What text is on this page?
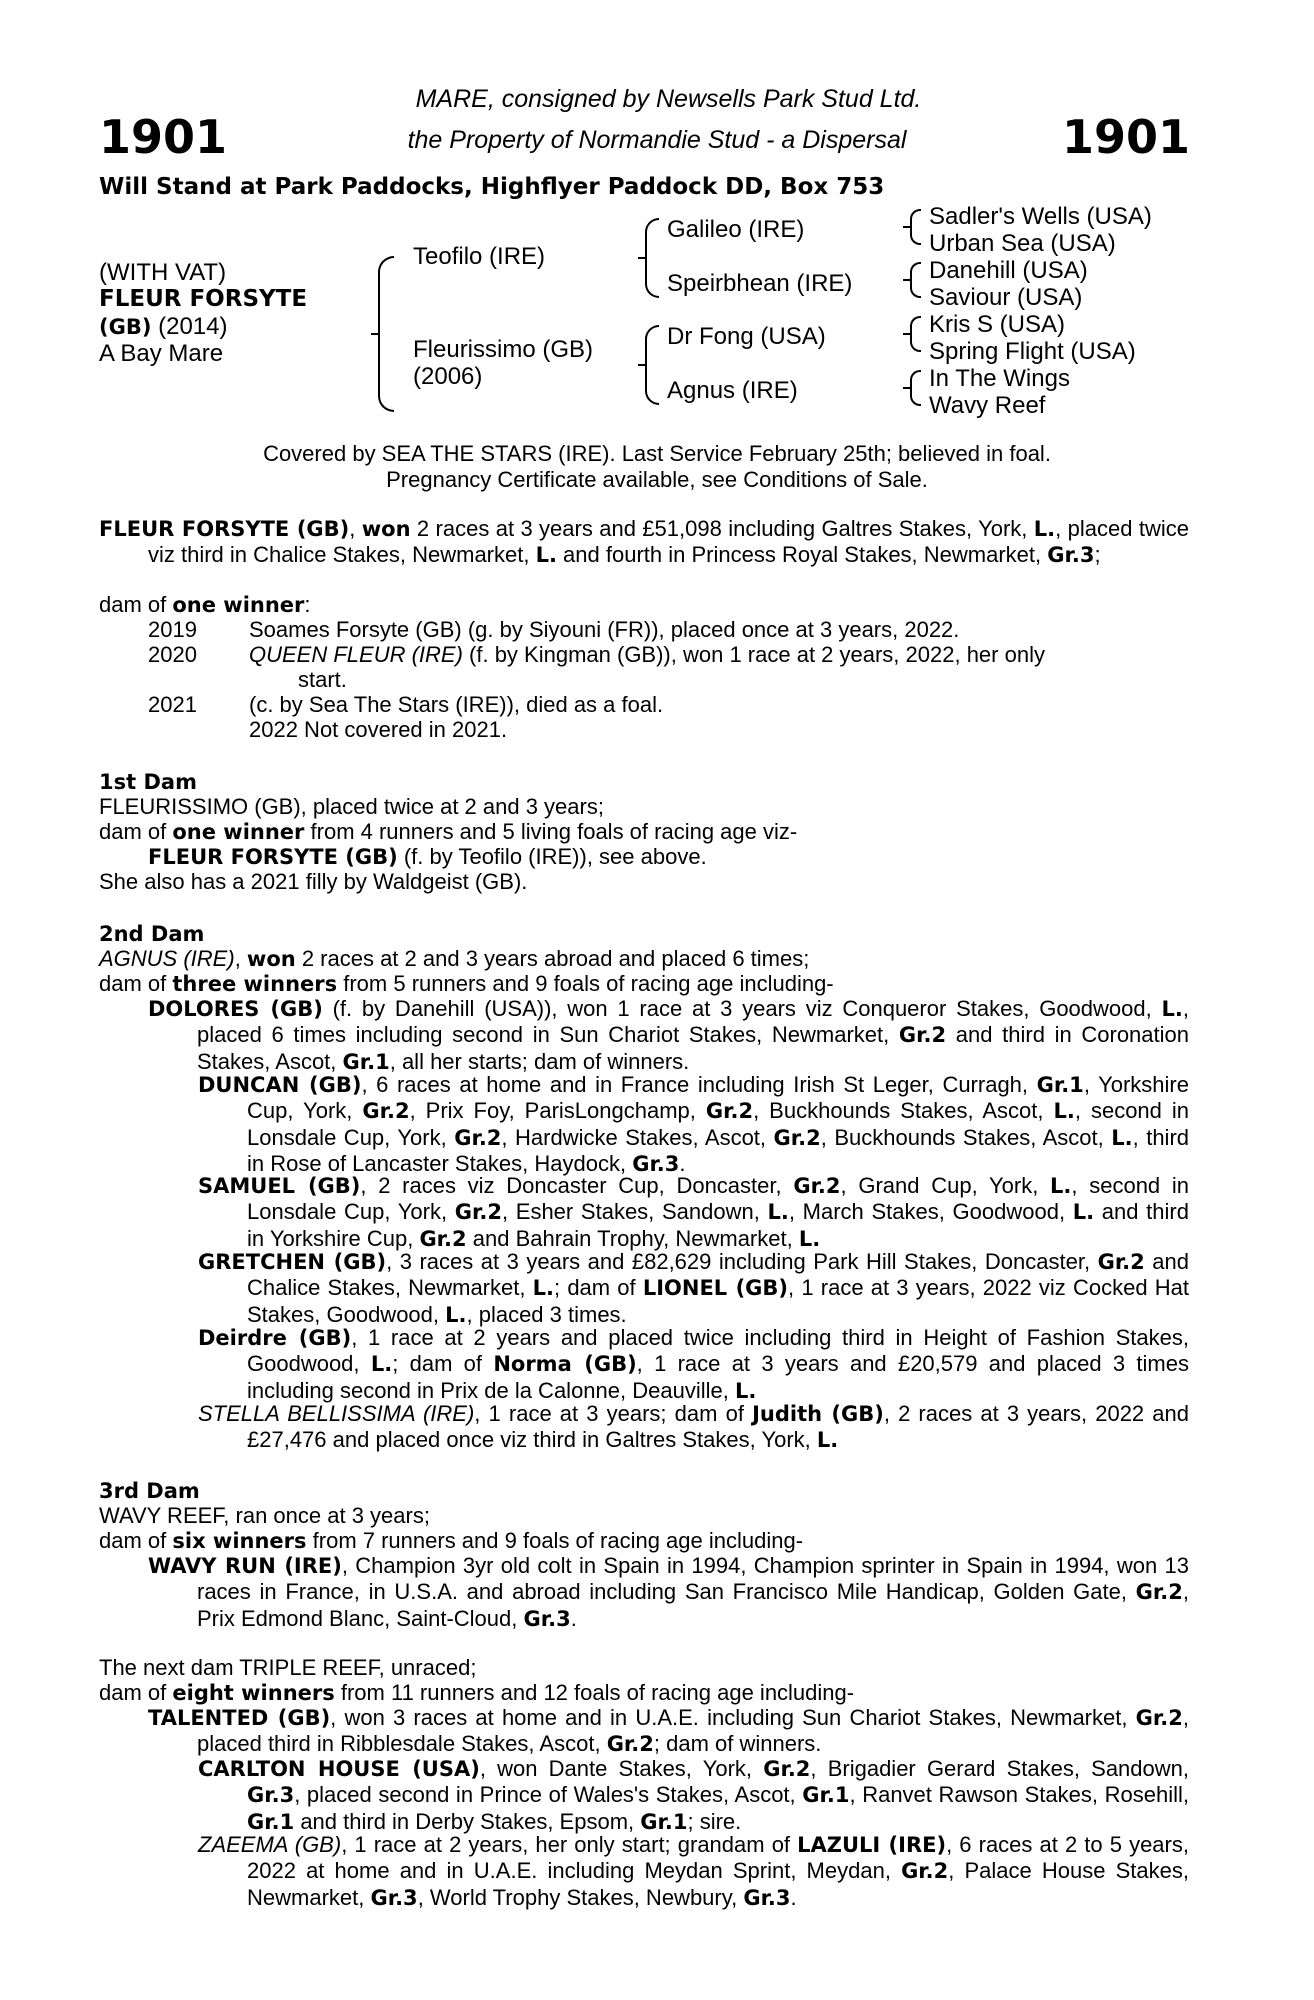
1901	1901
MARE, consigned by Newsells Park Stud Ltd.
the Property of Normandie Stud - a Dispersal
Will Stand at Park Paddocks, Highflyer Paddock DD, Box 753
(WITH VAT)
FLEUR FORSYTE
(GB) (2014)
A Bay Mare
Teofilo (IRE)
Fleurissimo (GB)
(2006)
Galileo (IRE)
Speirbhean (IRE)
Dr Fong (USA)
Agnus (IRE)
Sadler's Wells (USA)
Urban Sea (USA)
Danehill (USA)
Saviour (USA)
Kris S (USA)
Spring Flight (USA)
In The Wings
Wavy Reef
Covered by SEA THE STARS (IRE). Last Service February 25th; believed in foal.
Pregnancy Certificate available, see Conditions of Sale.
FLEUR FORSYTE (GB), won 2 races at 3 years and £51,098 including Galtres Stakes, York, L., placed twice viz third in Chalice Stakes, Newmarket, L. and fourth in Princess Royal Stakes, Newmarket, Gr.3;
dam of one winner:
2019 Soames Forsyte (GB) (g. by Siyouni (FR)), placed once at 3 years, 2022.
2020 QUEEN FLEUR (IRE) (f. by Kingman (GB)), won 1 race at 2 years, 2022, her only
start.
2021 (c. by Sea The Stars (IRE)), died as a foal.
2022 Not covered in 2021.
1st Dam
FLEURISSIMO (GB), placed twice at 2 and 3 years;
dam of one winner from 4 runners and 5 living foals of racing age viz-
FLEUR FORSYTE (GB) (f. by Teofilo (IRE)), see above.
She also has a 2021 filly by Waldgeist (GB).
2nd Dam
AGNUS (IRE), won 2 races at 2 and 3 years abroad and placed 6 times;
dam of three winners from 5 runners and 9 foals of racing age including-
DOLORES (GB) (f. by Danehill (USA)), won 1 race at 3 years viz Conqueror Stakes, Goodwood, L., placed 6 times including second in Sun Chariot Stakes, Newmarket, Gr.2 and third in Coronation Stakes, Ascot, Gr.1, all her starts; dam of winners.
DUNCAN (GB), 6 races at home and in France including Irish St Leger, Curragh, Gr.1, Yorkshire Cup, York, Gr.2, Prix Foy, ParisLongchamp, Gr.2, Buckhounds Stakes, Ascot, L., second in Lonsdale Cup, York, Gr.2, Hardwicke Stakes, Ascot, Gr.2, Buckhounds Stakes, Ascot, L., third in Rose of Lancaster Stakes, Haydock, Gr.3.
SAMUEL (GB), 2 races viz Doncaster Cup, Doncaster, Gr.2, Grand Cup, York, L., second in Lonsdale Cup, York, Gr.2, Esher Stakes, Sandown, L., March Stakes, Goodwood, L. and third in Yorkshire Cup, Gr.2 and Bahrain Trophy, Newmarket, L.
GRETCHEN (GB), 3 races at 3 years and £82,629 including Park Hill Stakes, Doncaster, Gr.2 and Chalice Stakes, Newmarket, L.; dam of LIONEL (GB), 1 race at 3 years, 2022 viz Cocked Hat Stakes, Goodwood, L., placed 3 times.
Deirdre (GB), 1 race at 2 years and placed twice including third in Height of Fashion Stakes, Goodwood, L.; dam of Norma (GB), 1 race at 3 years and £20,579 and placed 3 times including second in Prix de la Calonne, Deauville, L.
STELLA BELLISSIMA (IRE), 1 race at 3 years; dam of Judith (GB), 2 races at 3 years, 2022 and £27,476 and placed once viz third in Galtres Stakes, York, L.
3rd Dam
WAVY REEF, ran once at 3 years;
dam of six winners from 7 runners and 9 foals of racing age including-
WAVY RUN (IRE), Champion 3yr old colt in Spain in 1994, Champion sprinter in Spain in 1994, won 13 races in France, in U.S.A. and abroad including San Francisco Mile Handicap, Golden Gate, Gr.2, Prix Edmond Blanc, Saint-Cloud, Gr.3.
The next dam TRIPLE REEF, unraced;
dam of eight winners from 11 runners and 12 foals of racing age including-
TALENTED (GB), won 3 races at home and in U.A.E. including Sun Chariot Stakes, Newmarket, Gr.2, placed third in Ribblesdale Stakes, Ascot, Gr.2; dam of winners.
CARLTON HOUSE (USA), won Dante Stakes, York, Gr.2, Brigadier Gerard Stakes, Sandown, Gr.3, placed second in Prince of Wales's Stakes, Ascot, Gr.1, Ranvet Rawson Stakes, Rosehill, Gr.1 and third in Derby Stakes, Epsom, Gr.1; sire.
ZAEEMA (GB), 1 race at 2 years, her only start; grandam of LAZULI (IRE), 6 races at 2 to 5 years, 2022 at home and in U.A.E. including Meydan Sprint, Meydan, Gr.2, Palace House Stakes, Newmarket, Gr.3, World Trophy Stakes, Newbury, Gr.3.
